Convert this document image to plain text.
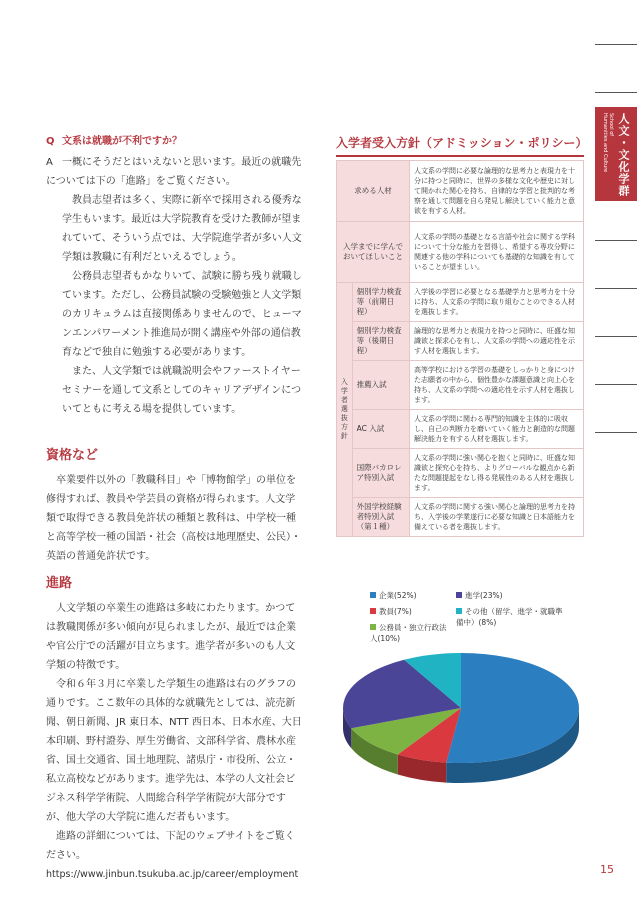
人文・文化学群
School of
Humanities and Culture

Q 文系は就職が不利ですか？

A 一概にそうだとはいえないと思います。最近の就職先については下の「進路」をご覧ください。

教員志望者は多く、実際に新卒で採用される優秀な学生もいます。最近は大学院教育を受けた教師が望まれていて、そういう点では、大学院進学者が多い人文学類は教職に有利だといえるでしょう。

公務員志望者もかなりいて、試験に勝ち残り就職しています。ただし、公務員試験の受験勉強と人文学類のカリキュラムは直接関係ありませんので、ヒューマンエンパワーメント推進局が開く講座や外部の通信教育などで独自に勉強する必要があります。

また、人文学類では就職説明会やファーストイヤーセミナーを通して文系としてのキャリアデザインについてともに考える場を提供しています。

資格など

卒業要件以外の「教職科目」や「博物館学」の単位を修得すれば、教員や学芸員の資格が得られます。人文学類で取得できる教員免許状の種類と教科は、中学校一種と高等学校一種の国語・社会（高校は地理歴史、公民）・英語の普通免許状です。

進路

人文学類の卒業生の進路は多岐にわたります。かつては教職関係が多い傾向が見られましたが、最近では企業や官公庁での活躍が目立ちます。進学者が多いのも人文学類の特徴です。

令和６年３月に卒業した学類生の進路は右のグラフの通りです。ここ数年の具体的な就職先としては、読売新聞、朝日新聞、JR 東日本、NTT 西日本、日本水産、大日本印刷、野村證券、厚生労働省、文部科学省、農林水産省、国土交通省、国土地理院、諸県庁・市役所、公立・私立高校などがあります。進学先は、本学の人文社会ビジネス科学学術院、人間総合科学学術院が大部分ですが、他大学の大学院に進んだ者もいます。

進路の詳細については、下記のウェブサイトをご覧ください。

https://www.jinbun.tsukuba.ac.jp/career/employment

入学者受入方針（アドミッション・ポリシー）
求める人材		人文系の学問に必要な論理的な思考力と表現力を十分に持つと同時に、世界の多様な文化や歴史に対して開かれた関心を持ち、自律的な学習と批判的な考察を通して問題を自ら発見し解決していく能力と意欲を有する人材。
入学までに学んでおいてほしいこと		人文系の学問の基礎となる言語や社会に関する学科について十分な能力を習得し、希望する専攻分野に関連する他の学科についても基礎的な知識を有していることが望ましい。
入学者選抜方針	個別学力検査等（前期日程）	入学後の学習に必要となる基礎学力と思考力を十分に持ち、人文系の学問に取り組むことのできる人材を選抜します。
	個別学力検査等（後期日程）	論理的な思考力と表現力を持つと同時に、旺盛な知識欲と探求心を有し、人文系の学問への適応性を示す人材を選抜します。
	推薦入試	高等学校における学習の基礎をしっかりと身につけた志願者の中から、個性豊かな課題意識と向上心を持ち、人文系の学問への適応性を示す人材を選抜します。
	AC 入試	人文系の学問に関わる専門的知識を主体的に吸収し、自己の判断力を磨いていく能力と創造的な問題解決能力を有する人材を選抜します。
	国際バカロレア特別入試	人文系の学問に強い関心を抱くと同時に、旺盛な知識欲と探究心を持ち、よりグローバルな観点から新たな問題提起をなし得る発展性のある人材を選抜します。
	外国学校経験者特別入試（第１種）	人文系の学問に関する強い関心と論理的思考力を持ち、入学後の学業遂行に必要な知識と日本語能力を備えている者を選抜します。
企業(52%)	進学(23%)
教員(7%)	その他（留学、進学・就職準備中）(8%)
公務員・独立行政法人(10%)
15
